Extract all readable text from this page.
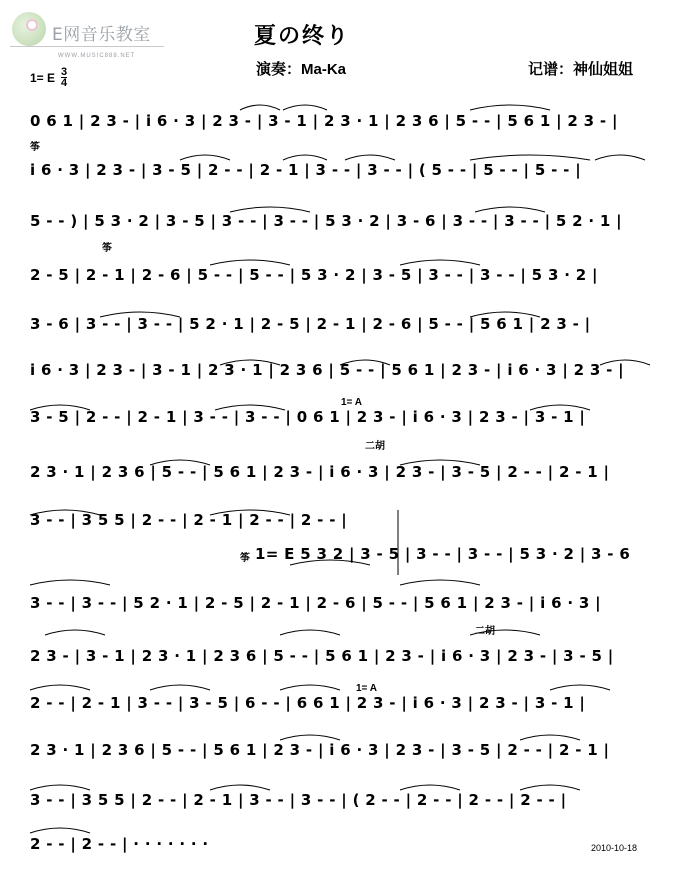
E网音乐教室
WWW.MUSIC888.NET
夏の终り
演奏：Ma-Ka	记谱：神仙姐姐
1= E 3
4
0 6 1 | 2 3 - | i 6 · 3 | 2 3 - | 3 - 1 | 2 3 · 1 | 2 3 6 | 5 - - | 5 6 1 | 2 3 - |
i 6 · 3 | 2 3 - | 3 - 5 | 2 - - | 2 - 1 | 3 - - | 3 - - | ( 5 - - | 5 - - | 5 - - |
5 - - ) | 5 3 · 2 | 3 - 5 | 3 - - | 3 - - | 5 3 · 2 | 3 - 6 | 3 - - | 3 - - | 5 2 · 1 |
2 - 5 | 2 - 1 | 2 - 6 | 5 - - | 5 - - | 5 3 · 2 | 3 - 5 | 3 - - | 3 - - | 5 3 · 2 |
3 - 6 | 3 - - | 3 - - | 5 2 · 1 | 2 - 5 | 2 - 1 | 2 - 6 | 5 - - | 5 6 1 | 2 3 - |
i 6 · 3 | 2 3 - | 3 - 1 | 2 3 · 1 | 2 3 6 | 5 - - | 5 6 1 | 2 3 - | i 6 · 3 | 2 3 - |
3 - 5 | 2 - - | 2 - 1 | 3 - - | 3 - - | 0 6 1 | 2 3 - | i 6 · 3 | 2 3 - | 3 - 1 |
2 3 · 1 | 2 3 6 | 5 - - | 5 6 1 | 2 3 - | i 6 · 3 | 2 3 - | 3 - 5 | 2 - - | 2 - 1 |
3 - - | 3 5 5 | 2 - - | 2 - 1 | 2 - - | 2 - - |
1= E 5 3 2 | 3 - 5 | 3 - - | 3 - - | 5 3 · 2 | 3 - 6
3 - - | 3 - - | 5 2 · 1 | 2 - 5 | 2 - 1 | 2 - 6 | 5 - - | 5 6 1 | 2 3 - | i 6 · 3 |
2 3 - | 3 - 1 | 2 3 · 1 | 2 3 6 | 5 - - | 5 6 1 | 2 3 - | i 6 · 3 | 2 3 - | 3 - 5 |
2 - - | 2 - 1 | 3 - - | 3 - 5 | 6 - - | 6 6 1 | 2 3 - | i 6 · 3 | 2 3 - | 3 - 1 |
2 3 · 1 | 2 3 6 | 5 - - | 5 6 1 | 2 3 - | i 6 · 3 | 2 3 - | 3 - 5 | 2 - - | 2 - 1 |
3 - - | 3 5 5 | 2 - - | 2 - 1 | 3 - - | 3 - - | ( 2 - - | 2 - - | 2 - - | 2 - - |
2 - - | 2 - - | · · · · · · ·
筝
筝
筝
1= A
二胡
二胡
1= A
2010-10-18
